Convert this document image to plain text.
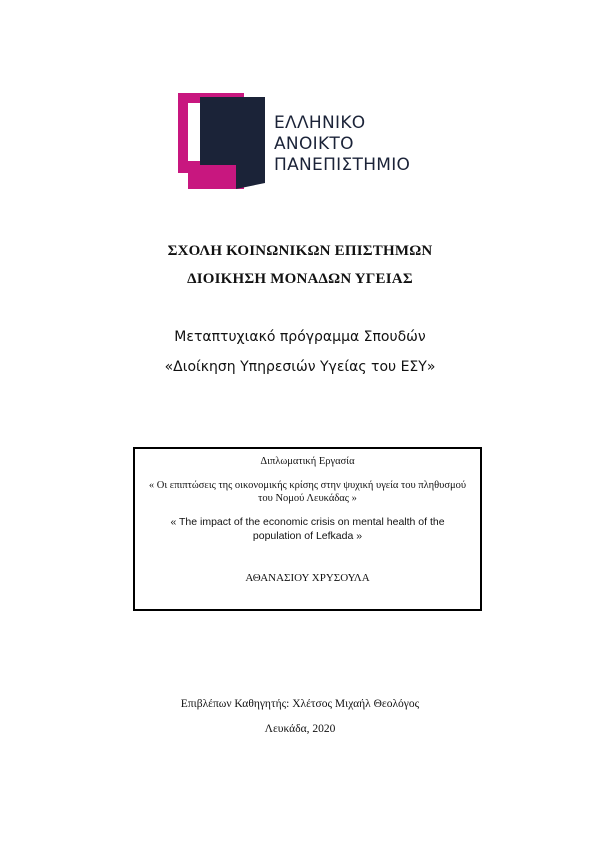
ΕΛΛΗΝΙΚΟ
ΑΝΟΙΚΤΟ
ΠΑΝΕΠΙΣΤΗΜΙΟ
ΣΧΟΛΗ ΚΟΙΝΩΝΙΚΩΝ ΕΠΙΣΤΗΜΩΝ
ΔΙΟΙΚΗΣΗ ΜΟΝΑΔΩΝ ΥΓΕΙΑΣ
Μεταπτυχιακό πρόγραμμα Σπουδών
«Διοίκηση Υπηρεσιών Υγείας του ΕΣΥ»
Διπλωματική Εργασία
« Οι επιπτώσεις της οικονομικής κρίσης στην ψυχική υγεία του πληθυσμού του Νομού Λευκάδας »
« The impact of the economic crisis on mental health of the population of Lefkada »
ΑΘΑΝΑΣΙΟΥ ΧΡΥΣΟΥΛΑ
Επιβλέπων Καθηγητής: Χλέτσος Μιχαήλ Θεολόγος
Λευκάδα, 2020
